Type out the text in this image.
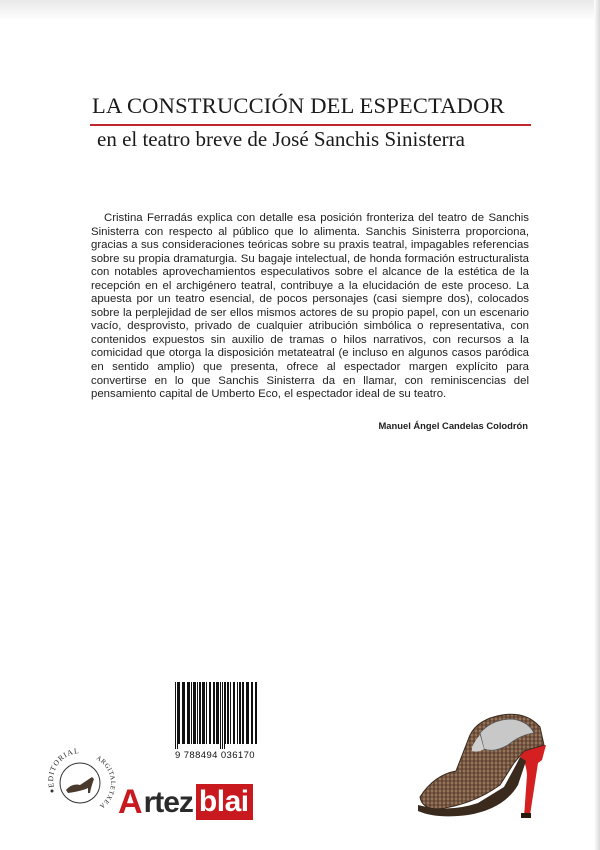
LA CONSTRUCCIÓN DEL ESPECTADOR
en el teatro breve de José Sanchis Sinisterra

Cristina Ferradás explica con detalle esa posición fronteriza del teatro de Sanchis Sinisterra con respecto al público que lo alimenta. Sanchis Sinisterra proporciona, gracias a sus consideraciones teóricas sobre su praxis teatral, impagables referencias sobre su propia dramaturgia. Su bagaje intelectual, de honda formación estructuralista con notables aprovechamientos especulativos sobre el alcance de la estética de la recepción en el archigénero teatral, contribuye a la elucidación de este proceso. La apuesta por un teatro esencial, de pocos personajes (casi siempre dos), colocados sobre la perplejidad de ser ellos mismos actores de su propio papel, con un escenario vacío, desprovisto, privado de cualquier atribución simbólica o representativa, con contenidos expuestos sin auxilio de tramas o hilos narrativos, con recursos a la comicidad que otorga la disposición metateatral (e incluso en algunos casos paródica en sentido amplio) que presenta, ofrece al espectador margen explícito para convertirse en lo que Sanchis Sinisterra da en llamar, con reminiscencias del pensamiento capital de Umberto Eco, el espectador ideal de su teatro.

Manuel Ángel Candelas Colodrón
9 788494 036170
EDITORIAL
ARGITALETXEA A rtez blai
